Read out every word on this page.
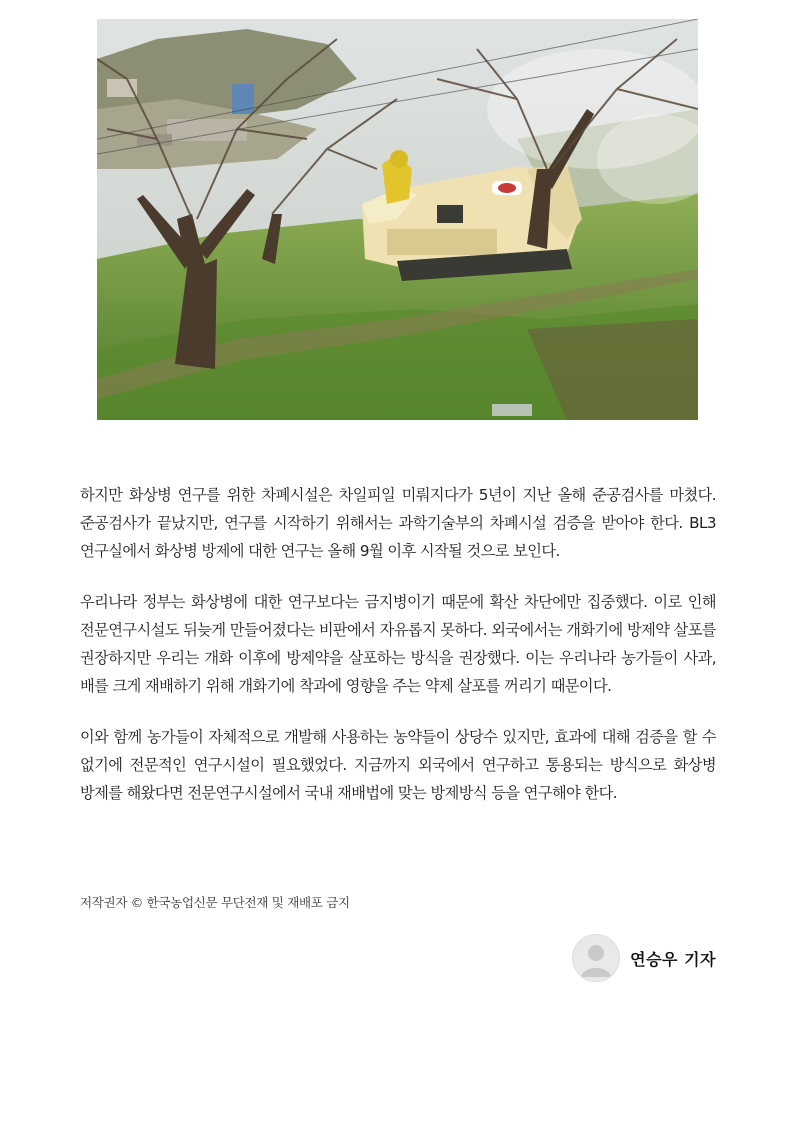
하지만 화상병 연구를 위한 차폐시설은 차일피일 미뤄지다가 5년이 지난 올해 준공검사를 마쳤다. 준공검사가 끝났지만, 연구를 시작하기 위해서는 과학기술부의 차폐시설 검증을 받아야 한다. BL3 연구실에서 화상병 방제에 대한 연구는 올해 9월 이후 시작될 것으로 보인다.

우리나라 정부는 화상병에 대한 연구보다는 금지병이기 때문에 확산 차단에만 집중했다. 이로 인해 전문연구시설도 뒤늦게 만들어졌다는 비판에서 자유롭지 못하다. 외국에서는 개화기에 방제약 살포를 권장하지만 우리는 개화 이후에 방제약을 살포하는 방식을 권장했다. 이는 우리나라 농가들이 사과, 배를 크게 재배하기 위해 개화기에 착과에 영향을 주는 약제 살포를 꺼리기 때문이다.

이와 함께 농가들이 자체적으로 개발해 사용하는 농약들이 상당수 있지만, 효과에 대해 검증을 할 수 없기에 전문적인 연구시설이 필요했었다. 지금까지 외국에서 연구하고 통용되는 방식으로 화상병 방제를 해왔다면 전문연구시설에서 국내 재배법에 맞는 방제방식 등을 연구해야 한다.

저작권자 © 한국농업신문 무단전재 및 재배포 금지
연승우 기자
